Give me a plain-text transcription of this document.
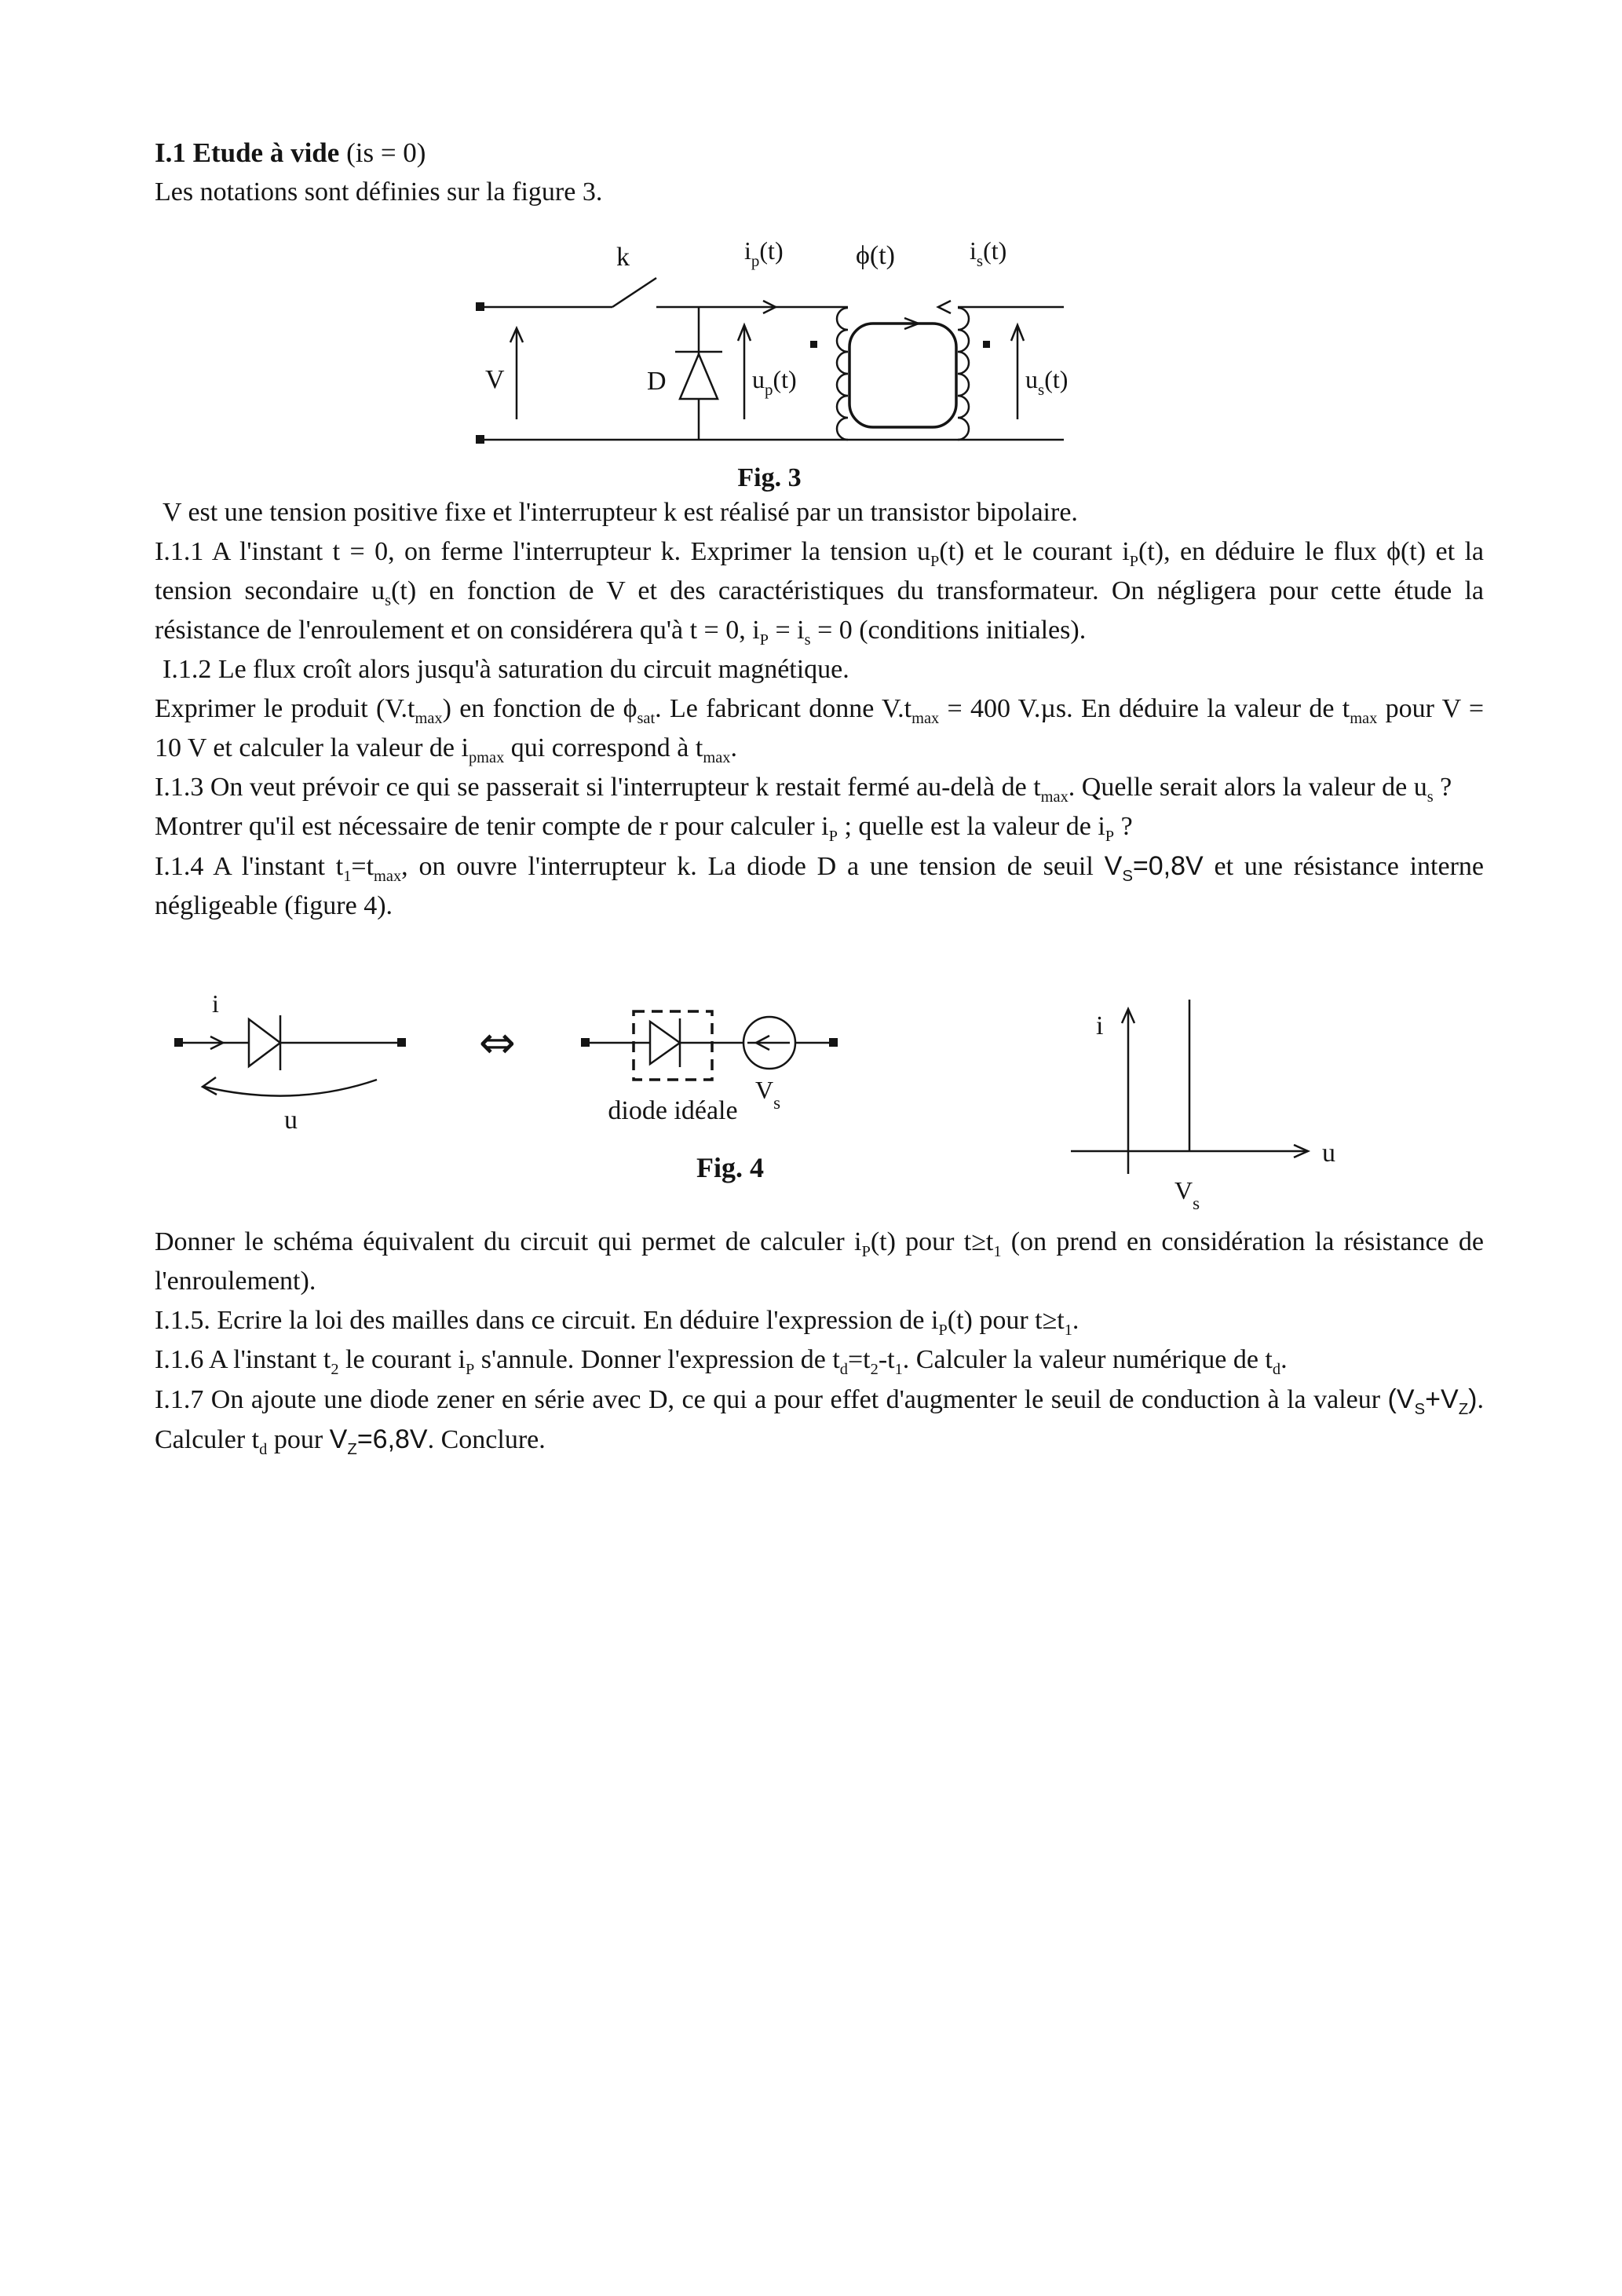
I.1 Etude à vide (is = 0)
Les notations sont définies sur la figure 3.
V
$i_p(t)$
k
D	$u_p(t)$
ϕ(t)	$i_s(t)$
$u_s(t)$
Fig. 3

V est une tension positive fixe et l'interrupteur k est réalisé par un transistor bipolaire.

I.1.1 A l'instant t = 0, on ferme l'interrupteur k. Exprimer la tension $u_P(t)$ et le courant $i_P(t)$, en déduire le flux ϕ(t) et la tension secondaire $u_s(t)$ en fonction de V et des caractéristiques du transformateur. On négligera pour cette étude la résistance de l'enroulement et on considérera qu'à t = 0, $i_P = i_s = 0$ (conditions initiales).

I.1.2 Le flux croît alors jusqu'à saturation du circuit magnétique.
Exprimer le produit $(V.t_{max})$ en fonction de $\phi_{sat}$. Le fabricant donne $V.t_{max} = 400$ V.µs. En déduire la valeur de $t_{max}$ pour V = 10 V et calculer la valeur de $i_{pmax}$ qui correspond à $t_{max}$.

I.1.3 On veut prévoir ce qui se passerait si l'interrupteur k restait fermé au-delà de $t_{max}$. Quelle serait alors la valeur de $u_s$ ?
Montrer qu'il est nécessaire de tenir compte de r pour calculer $i_P$ ; quelle est la valeur de $i_P$ ?

I.1.4 A l'instant $t_1=t_{max}$, on ouvre l'interrupteur k. La diode D a une tension de seuil $V_S=0,8V$ et une résistance interne négligeable (figure 4).

i
u
⇔
diode idéale
$V_s$
i
u
$V_s$
Fig. 4

Donner le schéma équivalent du circuit qui permet de calculer $i_P(t)$ pour $t\ge t_1$ (on prend en considération la résistance de l'enroulement).

I.1.5. Ecrire la loi des mailles dans ce circuit. En déduire l'expression de $i_P(t)$ pour $t\ge t_1$.

I.1.6 A l'instant $t_2$ le courant $i_P$ s'annule. Donner l'expression de $t_d=t_2-t_1$. Calculer la valeur numérique de $t_d$.

I.1.7 On ajoute une diode zener en série avec D, ce qui a pour effet d'augmenter le seuil de conduction à la valeur $(V_S+V_Z)$. Calculer $t_d$ pour $V_Z=6,8V$. Conclure.
